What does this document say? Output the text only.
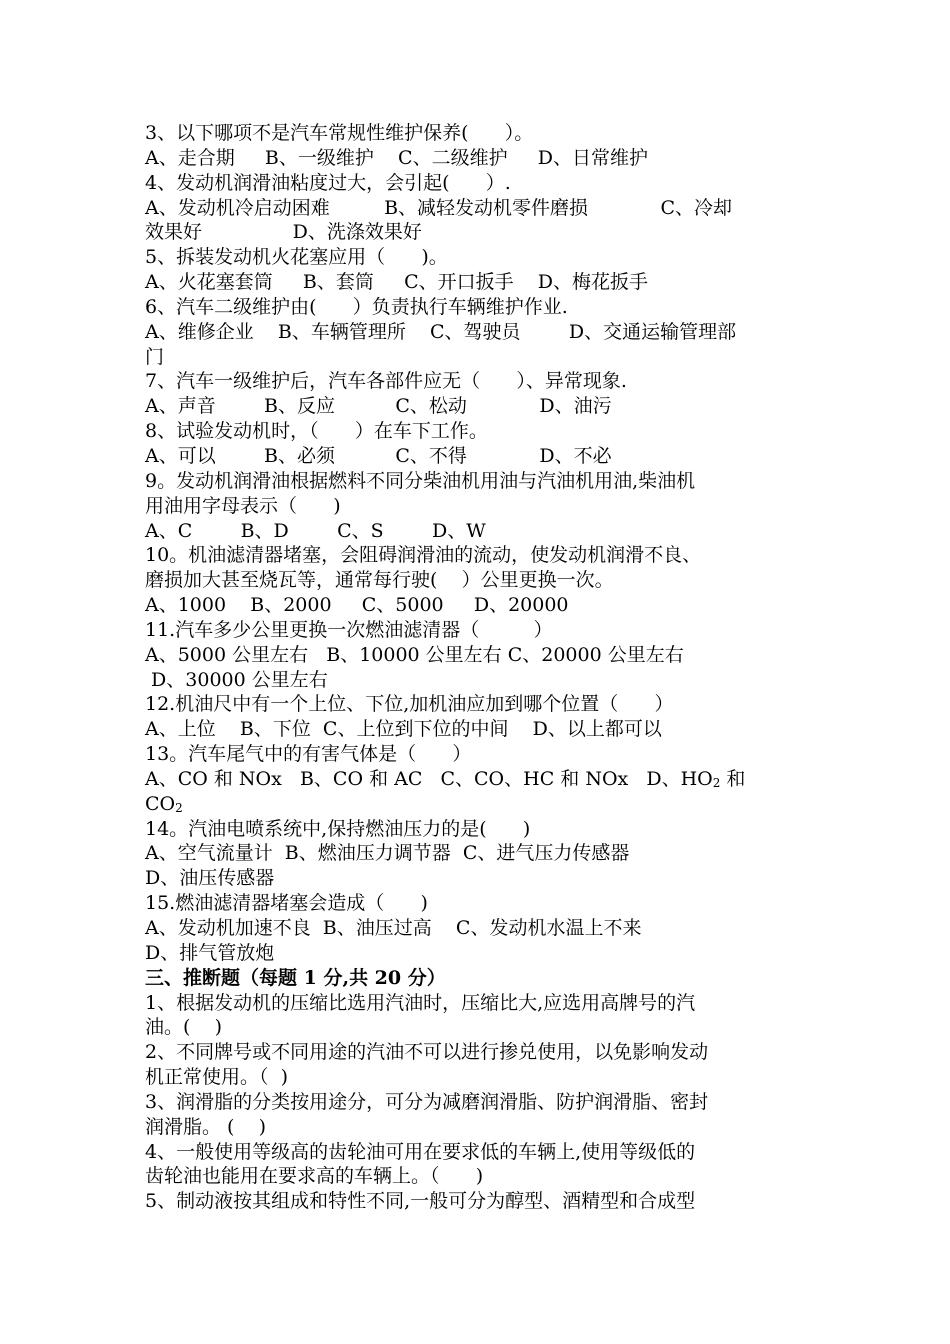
3、以下哪项不是汽车常规性维护保养(      ）。
A、走合期     B、一级维护    C、二级维护     D、日常维护
4、发动机润滑油粘度过大，会引起(      ）.
A、发动机冷启动困难         B、减轻发动机零件磨损            C、冷却
效果好               D、洗涤效果好
5、拆装发动机火花塞应用（      )。
A、火花塞套筒     B、套筒     C、开口扳手    D、梅花扳手
6、汽车二级维护由(      ）负责执行车辆维护作业.
A、维修企业    B、车辆管理所    C、驾驶员        D、交通运输管理部
门
7、汽车一级维护后，汽车各部件应无（      ）、异常现象.
A、声音        B、反应          C、松动            D、油污
8、试验发动机时，（      ）在车下工作。
A、可以        B、必须          C、不得            D、不必
9。发动机润滑油根据燃料不同分柴油机用油与汽油机用油,柴油机
用油用字母表示（      )
A、C        B、D        C、S        D、W
10。机油滤清器堵塞，会阻碍润滑油的流动，使发动机润滑不良、
磨损加大甚至烧瓦等，通常每行驶(    ）公里更换一次。
A、1000    B、2000     C、5000     D、20000
11.汽车多少公里更换一次燃油滤清器（         ）
A、5000 公里左右   B、10000 公里左右 C、20000 公里左右
D、30000 公里左右
12.机油尺中有一个上位、下位,加机油应加到哪个位置（      ）
A、上位    B、下位  C、上位到下位的中间    D、以上都可以
13。汽车尾气中的有害气体是（      ）
A、CO 和 NOx   B、CO 和 AC   C、CO、HC 和 NOx   D、$HO_2$ 和
$CO_2$
14。汽油电喷系统中,保持燃油压力的是(      )
A、空气流量计  B、燃油压力调节器  C、进气压力传感器
D、油压传感器
15.燃油滤清器堵塞会造成（      )
A、发动机加速不良  B、油压过高    C、发动机水温上不来
D、排气管放炮
三、推断题（每题 1 分,共 20 分）
1、根据发动机的压缩比选用汽油时，压缩比大,应选用高牌号的汽
油。(    )
2、不同牌号或不同用途的汽油不可以进行掺兑使用，以免影响发动
机正常使用。（  )
3、润滑脂的分类按用途分，可分为减磨润滑脂、防护润滑脂、密封
润滑脂。 (    )
4、一般使用等级高的齿轮油可用在要求低的车辆上,使用等级低的
齿轮油也能用在要求高的车辆上。（      )
5、制动液按其组成和特性不同,一般可分为醇型、酒精型和合成型
